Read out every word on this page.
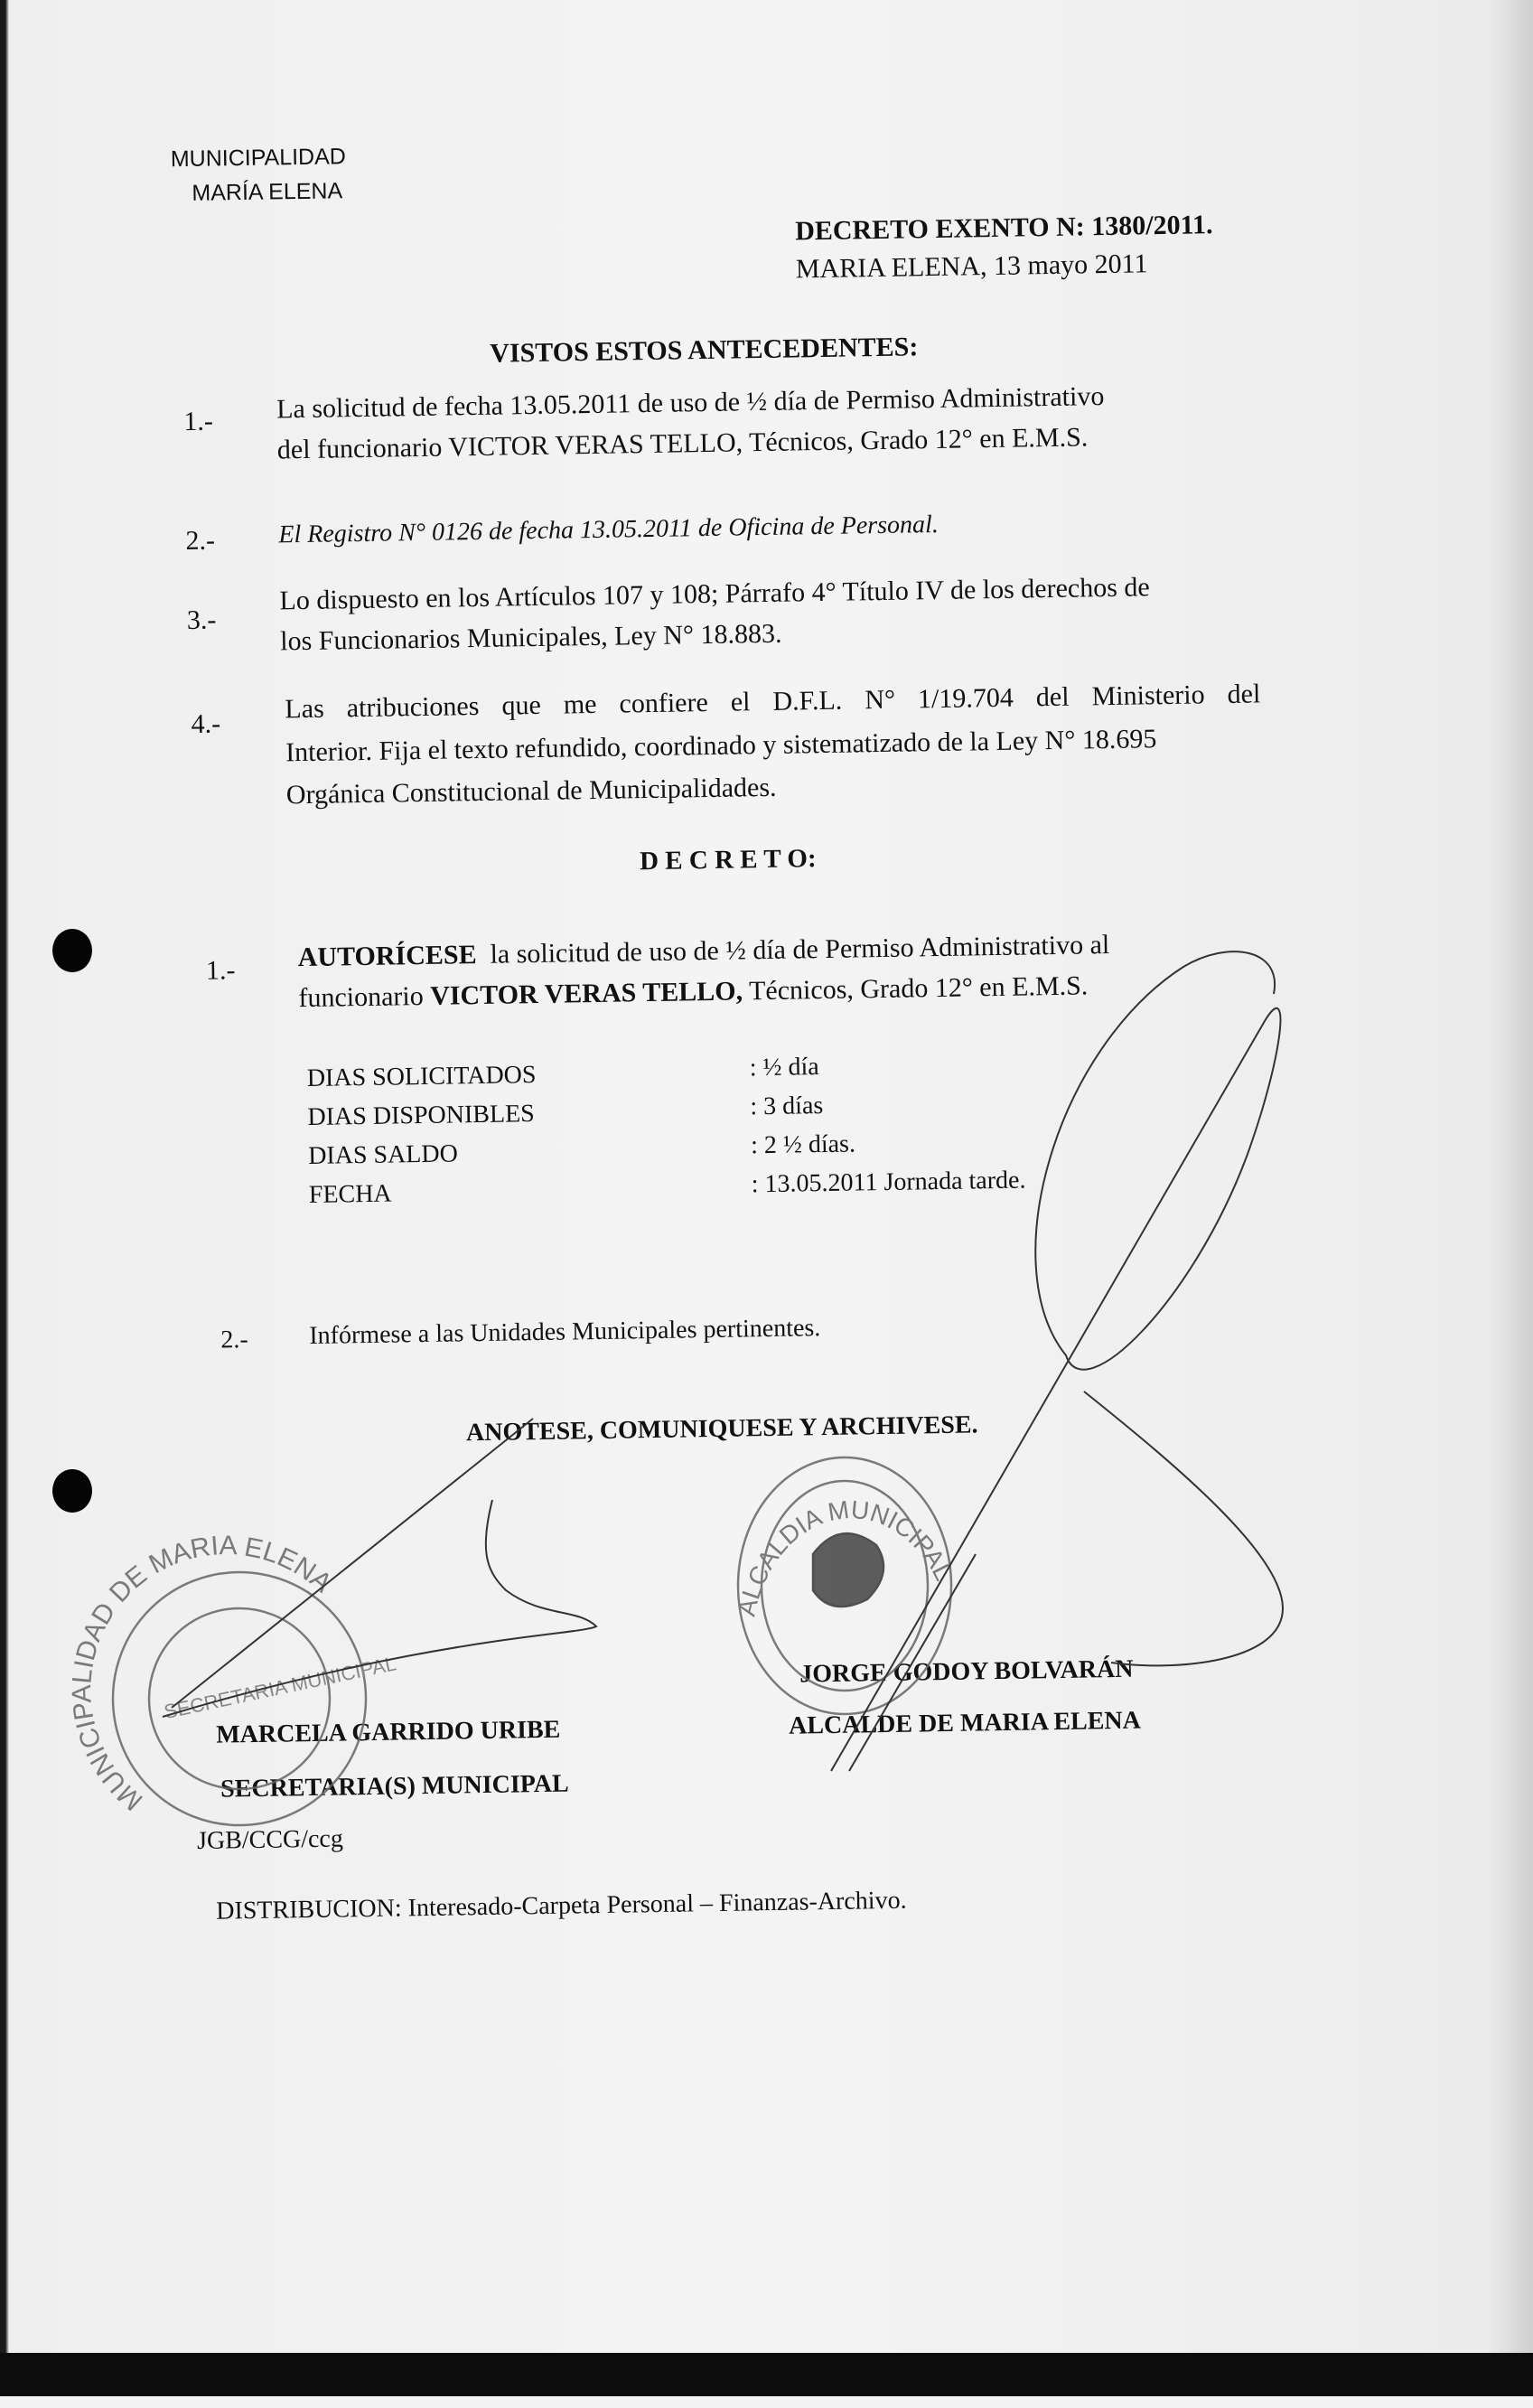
MUNICIPALIDAD
MARÍA ELENA
DECRETO EXENTO N: 1380/2011.
MARIA ELENA, 13 mayo 2011
VISTOS ESTOS ANTECEDENTES:
1.- La solicitud de fecha 13.05.2011 de uso de ½ día de Permiso Administrativo
del funcionario VICTOR VERAS TELLO, Técnicos, Grado 12° en E.M.S.
2.- El Registro N° 0126 de fecha 13.05.2011 de Oficina de Personal.
3.-
Lo dispuesto en los Artículos 107 y 108; Párrafo 4° Título IV de los derechos de
los Funcionarios Municipales, Ley N° 18.883.
4.- Las atribuciones que me confiere el D.F.L. N° 1/19.704 del Ministerio del
Interior. Fija el texto refundido, coordinado y sistematizado de la Ley N° 18.695
Orgánica Constitucional de Municipalidades.
D E C R E T O:
1.- AUTORÍCESE la solicitud de uso de ½ día de Permiso Administrativo al
funcionario VICTOR VERAS TELLO, Técnicos, Grado 12° en E.M.S.
DIAS SOLICITADOS	: ½ día
DIAS DISPONIBLES	: 3 días
DIAS SALDO	: 2 ½ días.
FECHA	: 13.05.2011 Jornada tarde.
2.- Infórmese a las Unidades Municipales pertinentes.
ANOTESE, COMUNIQUESE Y ARCHIVESE.
JORGE GODOY BOLVARÁN
ALCALDE DE MARIA ELENA
MARCELA GARRIDO URIBE
SECRETARIA(S) MUNICIPAL
JGB/CCG/ccg
DISTRIBUCION: Interesado-Carpeta Personal – Finanzas-Archivo.
MUNICIPALIDAD DE MARIA ELENA
SECRETARIA MUNICIPAL
ALCALDIA MUNICIPAL
